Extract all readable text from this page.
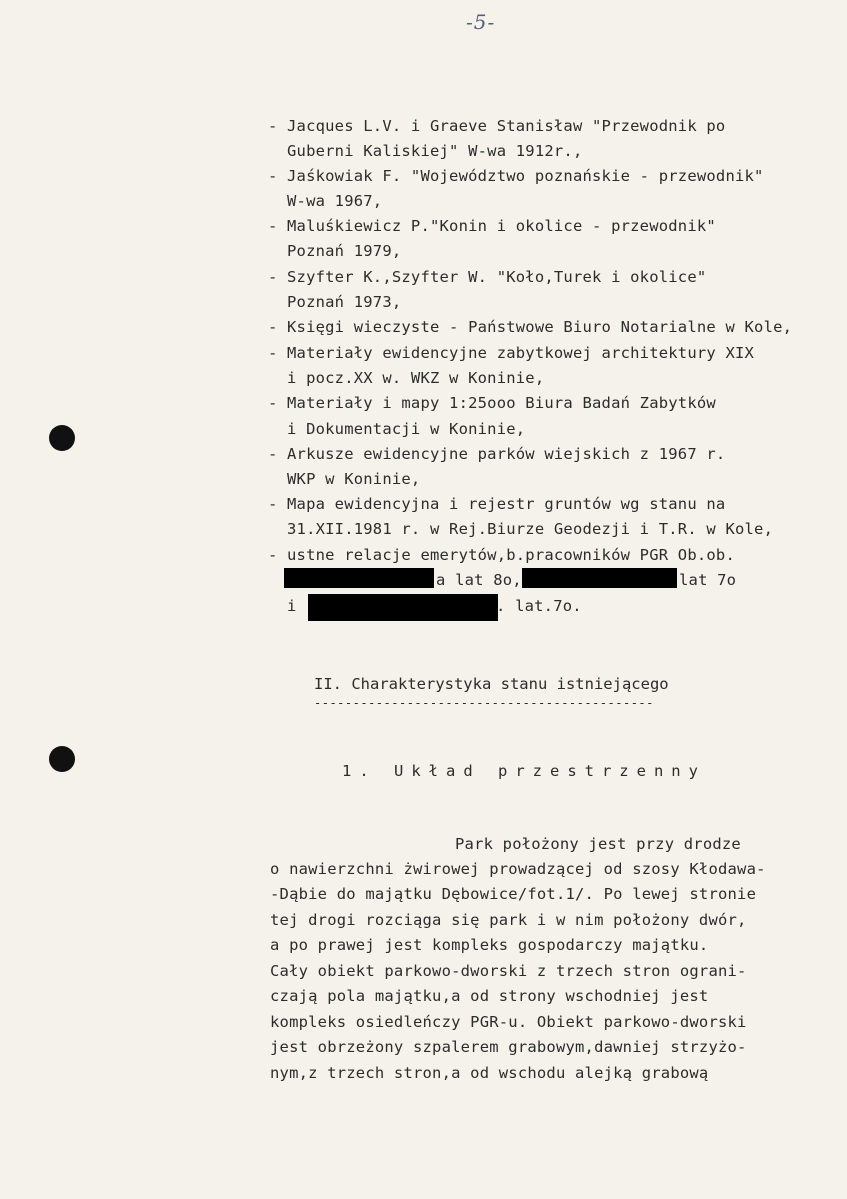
-5-
- Jacques L.V. i Graeve Stanisław "Przewodnik po
Guberni Kaliskiej" W-wa 1912r.,
- Jaśkowiak F. "Województwo poznańskie - przewodnik"
W-wa 1967,
- Maluśkiewicz P."Konin i okolice - przewodnik"
Poznań 1979,
- Szyfter K.,Szyfter W. "Koło,Turek i okolice"
Poznań 1973,
- Księgi wieczyste - Państwowe Biuro Notarialne w Kole,
- Materiały ewidencyjne zabytkowej architektury XIX
i pocz.XX w. WKZ w Koninie,
- Materiały i mapy 1:25ooo Biura Badań Zabytków
i Dokumentacji w Koninie,
- Arkusze ewidencyjne parków wiejskich z 1967 r.
WKP w Koninie,
- Mapa ewidencyjna i rejestr gruntów wg stanu na
31.XII.1981 r. w Rej.Biurze Geodezji i T.R. w Kole,
- ustne relacje emerytów,b.pracowników PGR Ob.ob.
a lat 8o,	lat 7o
i	. lat.7o.
II. Charakterystyka stanu istniejącego
--------------------------------------------
1. Układ przestrzenny
Park położony jest przy drodze
o nawierzchni żwirowej prowadzącej od szosy Kłodawa-
-Dąbie do majątku Dębowice/fot.1/. Po lewej stronie
tej drogi rozciąga się park i w nim położony dwór,
a po prawej jest kompleks gospodarczy majątku.
Cały obiekt parkowo-dworski z trzech stron ograni-
czają pola majątku,a od strony wschodniej jest
kompleks osiedleńczy PGR-u. Obiekt parkowo-dworski
jest obrzeżony szpalerem grabowym,dawniej strzyżo-
nym,z trzech stron,a od wschodu alejką grabową
